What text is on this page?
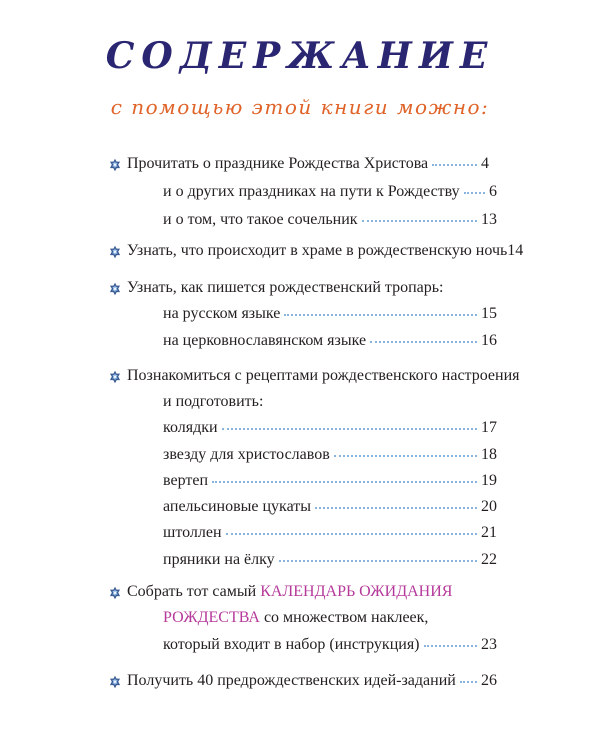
СОДЕРЖАНИЕ
с помощью этой книги можно:
Прочитать о празднике Рождества Христова	4
и о других праздниках на пути к Рождеству 6
и о том, что такое сочельник	13
Узнать, что происходит в храме в рождественскую ночь 14
Узнать, как пишется рождественский тропарь:
на русском языке	15
на церковнославянском языке	16
Познакомиться с рецептами рождественского настроения
и подготовить:
колядки	17
звезду для христославов	18
вертеп	19
апельсиновые цукаты	20
штоллен	21
пряники на ёлку	22
Собрать тот самый
КАЛЕНДАРЬ ОЖИДАНИЯ
РОЖДЕСТВА
со множеством наклеек,
который входит в набор (инструкция)	23
Получить 40 предрождественских идей-заданий 26
